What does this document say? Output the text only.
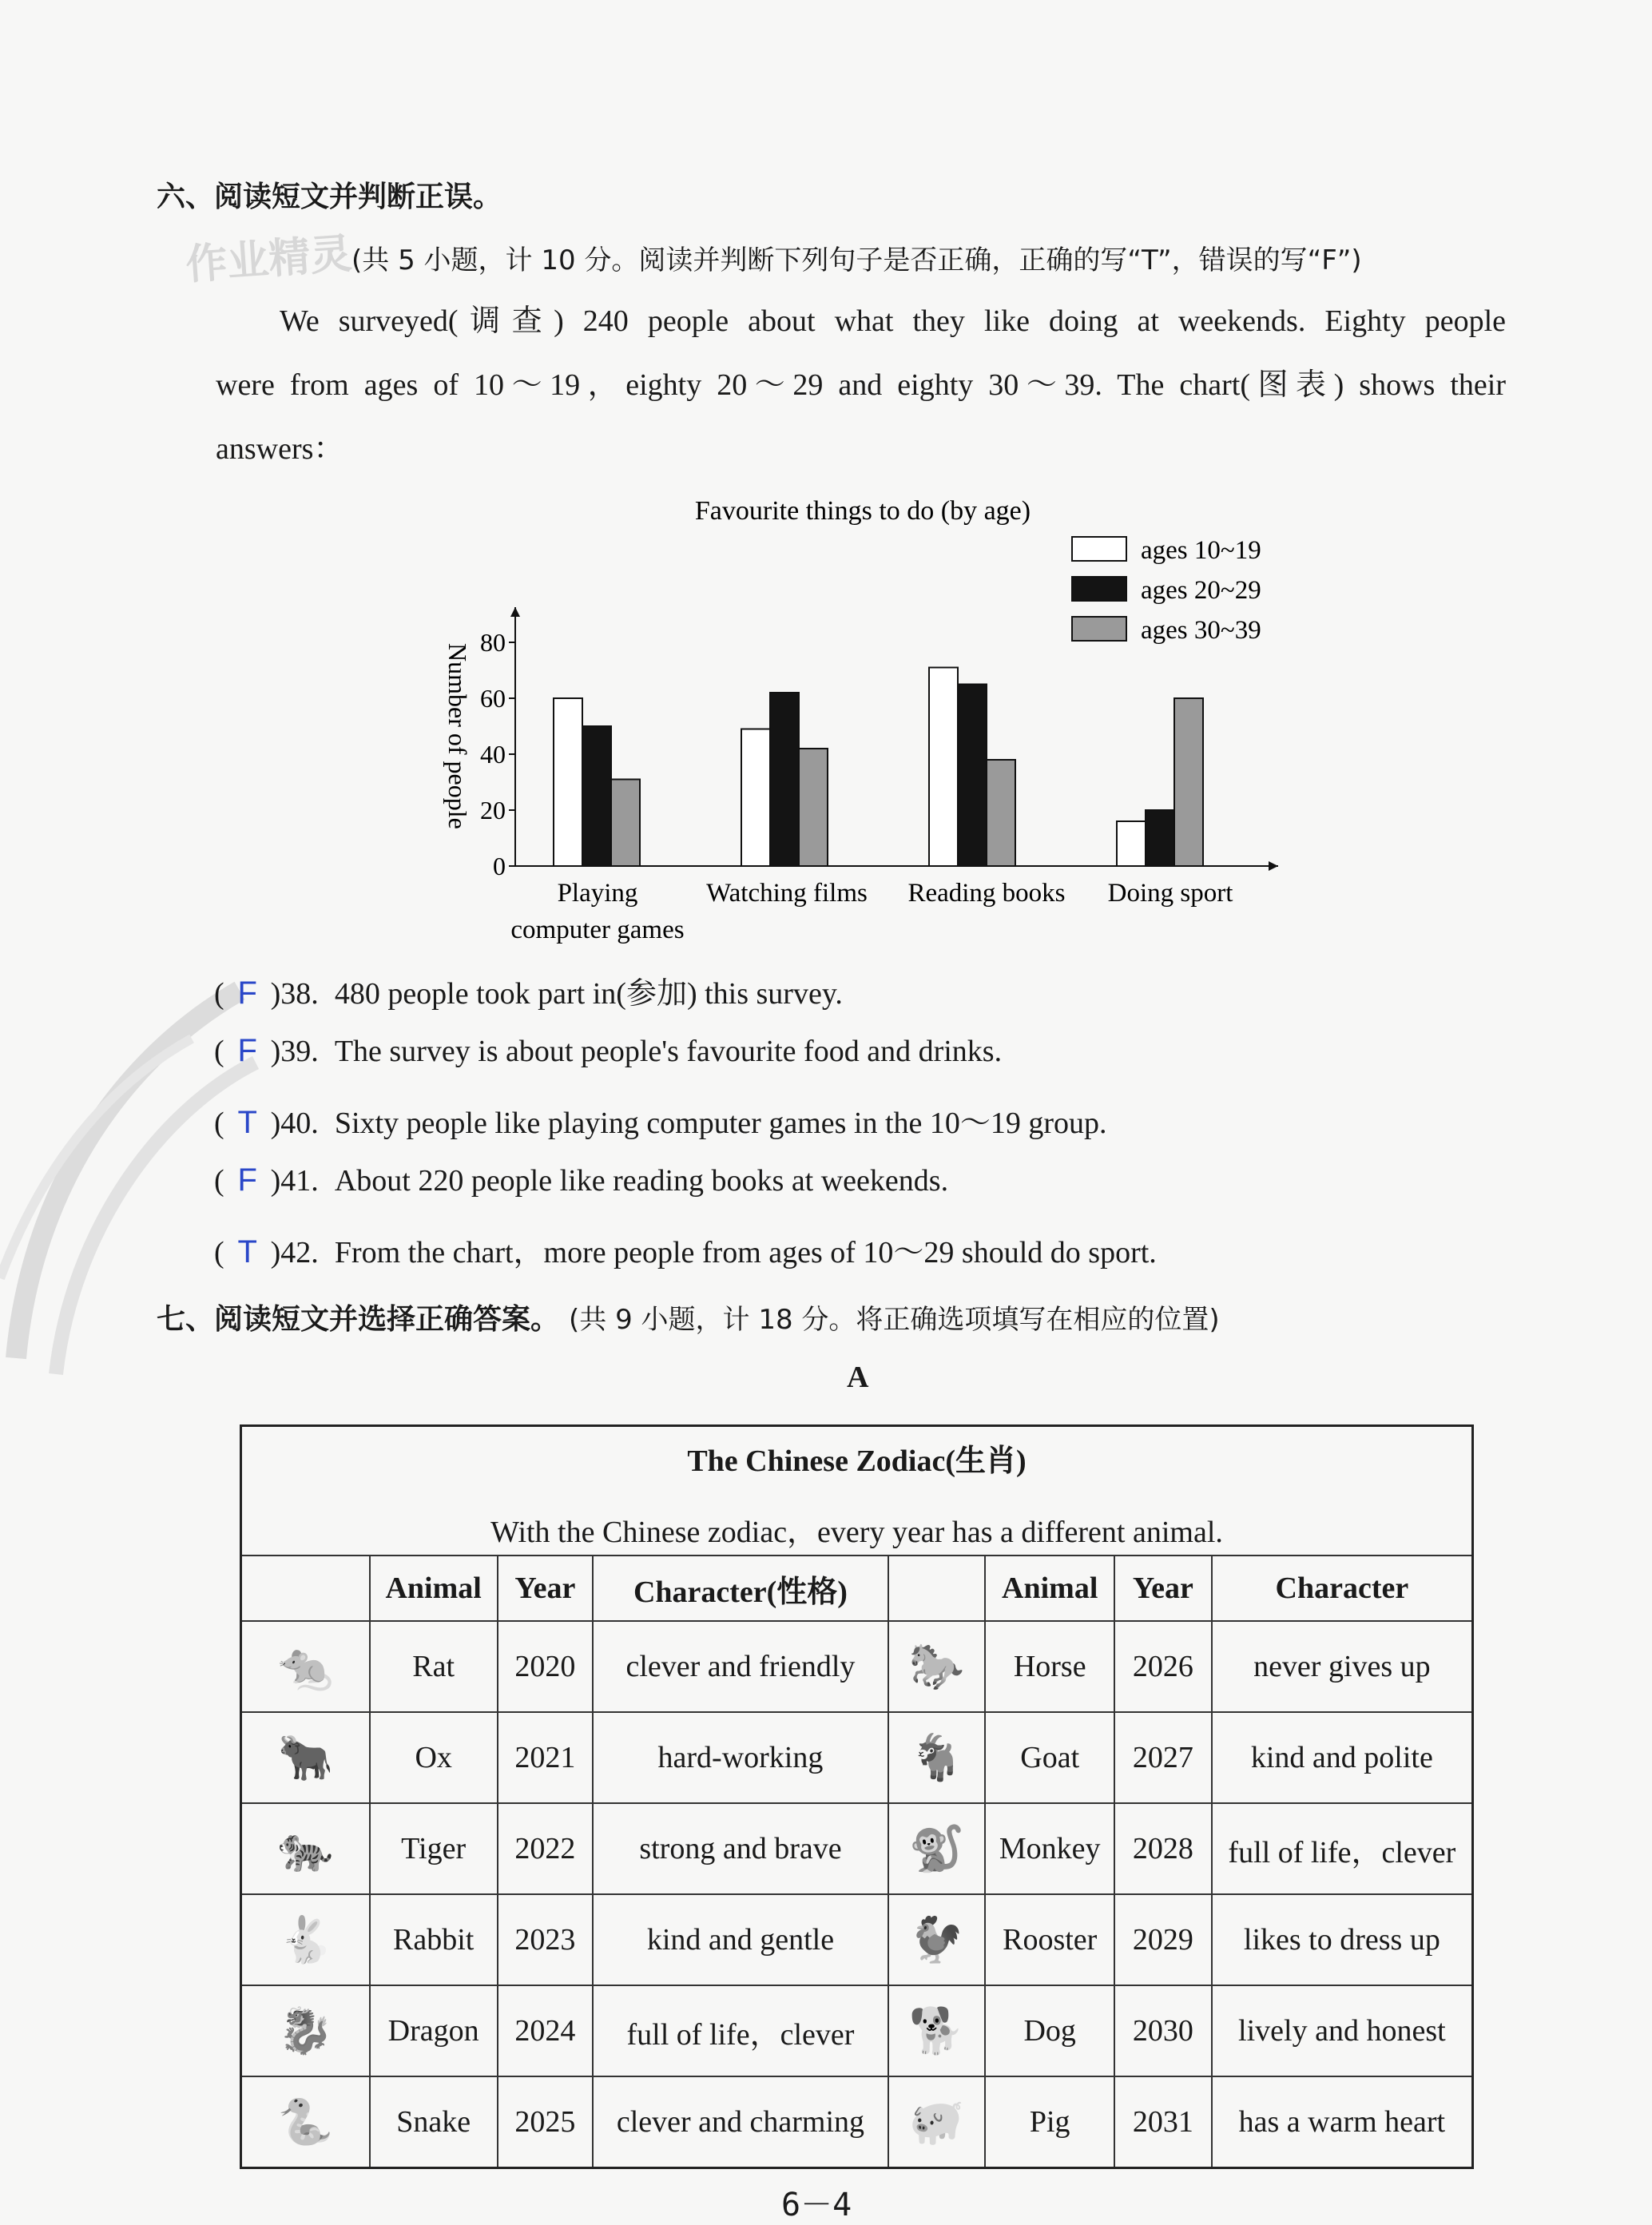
作业精灵
六、阅读短文并判断正误。
(共 5 小题，计 10 分。阅读并判断下列句子是否正确，正确的写“T”，错误的写“F”)
We surveyed(调查) 240 people about what they like doing at weekends. Eighty people
were from ages of 10～19，eighty 20～29 and eighty 30～39. The chart(图表) shows their
answers：
Favourite things to do (by age)
Number of people
ages 10~19
ages 20~29
ages 30~39
0
20
40
60
80
Playing
computer games
Watching films Reading books Doing sport
( F )38. 480 people took part in(参加) this survey.
( F )39. The survey is about people's favourite food and drinks.
( T )40. Sixty people like playing computer games in the 10～19 group.
( F )41. About 220 people like reading books at weekends.
( T )42. From the chart，more people from ages of 10～29 should do sport.
七、阅读短文并选择正确答案。 (共 9 小题，计 18 分。将正确选项填写在相应的位置)
A
The Chinese Zodiac(生肖)
With the Chinese zodiac，every year has a different animal.							

	Animal	Year	Character(性格)		Animal	Year	Character
🐀	Rat	2020	clever and friendly	🐎	Horse	2026	never gives up
🐂	Ox	2021	hard-working	🐐	Goat	2027	kind and polite
🐅	Tiger	2022	strong and brave	🐒	Monkey	2028	full of life，clever
🐇	Rabbit	2023	kind and gentle	🐓	Rooster	2029	likes to dress up
🐉	Dragon	2024	full of life，clever	🐕	Dog	2030	lively and honest
🐍	Snake	2025	clever and charming	🐖	Pig	2031	has a warm heart
6－4
